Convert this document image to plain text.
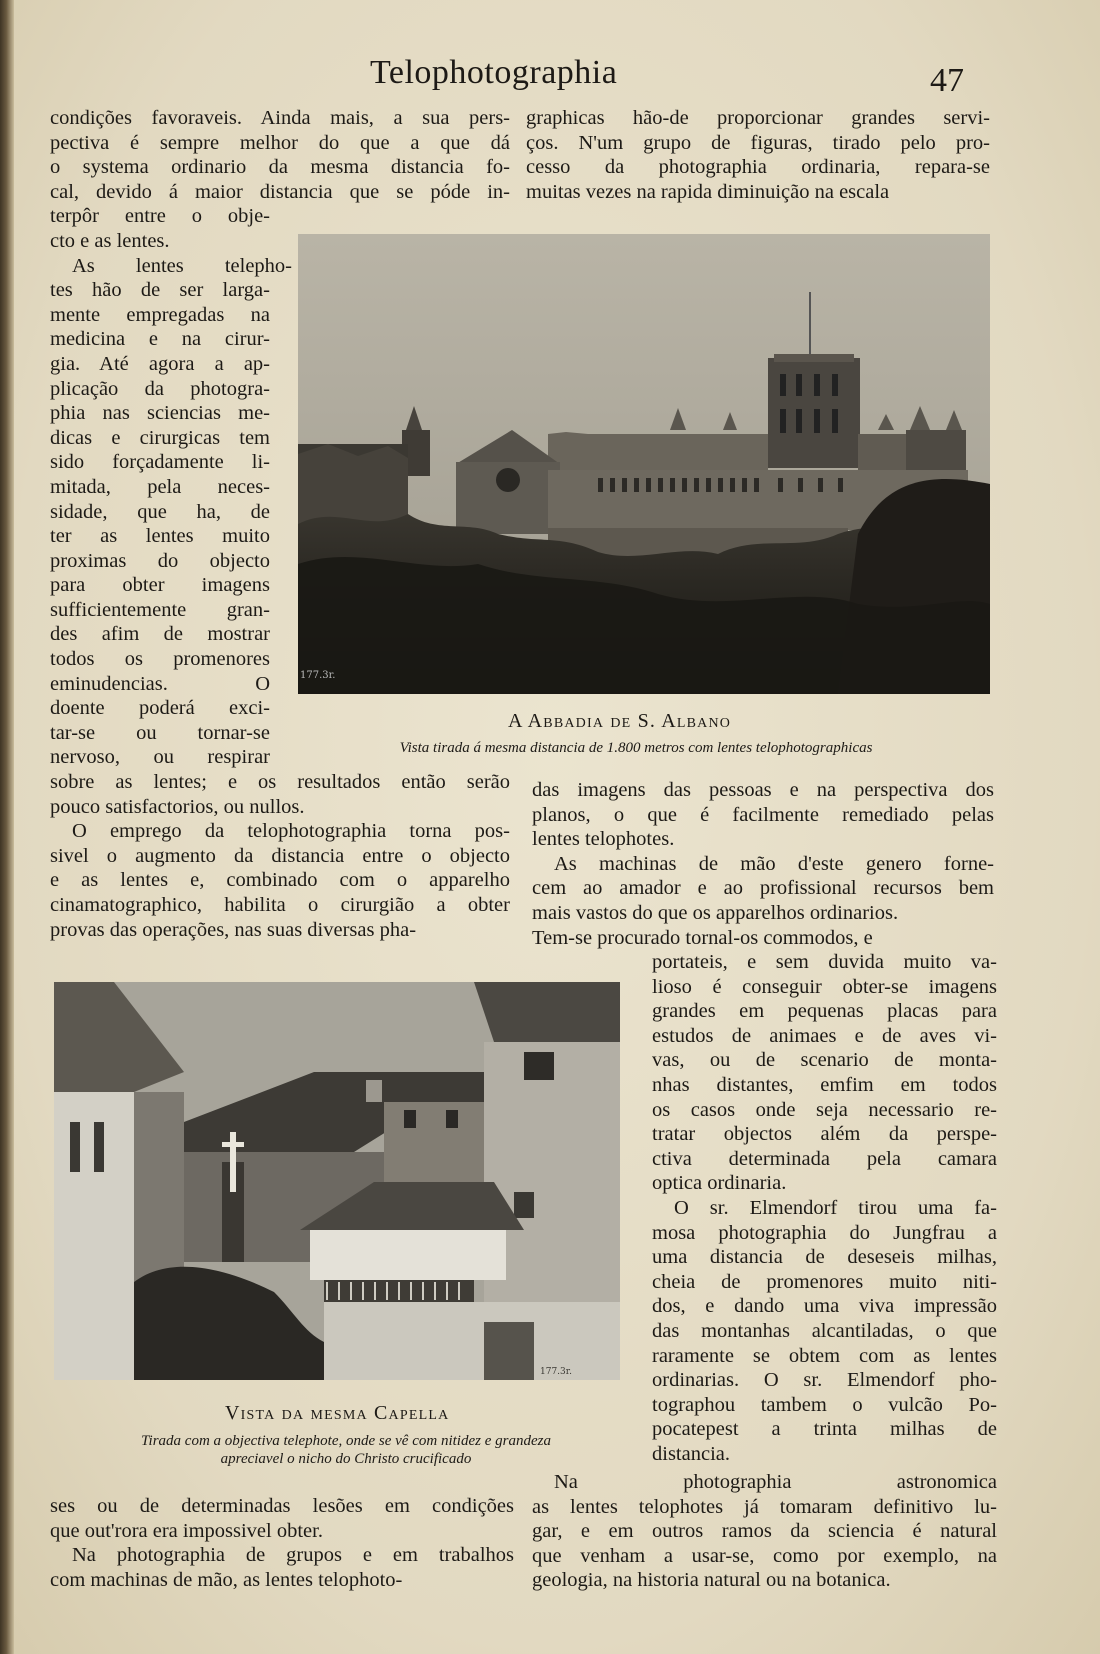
Telophotographia	47
condições favoraveis. Ainda mais, a sua pers-
pectiva é sempre melhor do que a que dá
o systema ordinario da mesma distancia fo-
cal, devido á maior distancia que se póde in-
terpôr entre o obje-
cto e as lentes.
As lentes telepho-
tes hão de ser larga-
mente empregadas na
medicina e na cirur-
gia. Até agora a ap-
plicação da photogra-
phia nas sciencias me-
dicas e cirurgicas tem
sido forçadamente li-
mitada, pela neces-
sidade, que ha, de
ter as lentes muito
proximas do objecto
para obter imagens
sufficientemente gran-
des afim de mostrar
todos os promenores
eminudencias. O
doente poderá exci-
tar-se ou tornar-se
nervoso, ou respirar
sobre as lentes; e os resultados então serão
pouco satisfactorios, ou nullos.
O emprego da telophotographia torna pos-
sivel o augmento da distancia entre o objecto
e as lentes e, combinado com o apparelho
cinamatographico, habilita o cirurgião a obter
provas das operações, nas suas diversas pha-
graphicas hão-de proporcionar grandes servi-
ços. N'um grupo de figuras, tirado pelo pro-
cesso da photographia ordinaria, repara-se
muitas vezes na rapida diminuição na escala
177.3r.
A Abbadia de S. Albano
Vista tirada á mesma distancia de 1.800 metros com lentes telophotographicas
das imagens das pessoas e na perspectiva dos
planos, o que é facilmente remediado pelas
lentes telophotes.
As machinas de mão d'este genero forne-
cem ao amador e ao profissional recursos bem
mais vastos do que os apparelhos ordinarios.
Tem-se procurado tornal-os commodos, e
177.3r.
Vista da mesma Capella
Tirada com a objectiva telephote, onde se vê com nitidez e grandeza
apreciavel o nicho do Christo crucificado
portateis, e sem duvida muito va-
lioso é conseguir obter-se imagens
grandes em pequenas placas para
estudos de animaes e de aves vi-
vas, ou de scenario de monta-
nhas distantes, emfim em todos
os casos onde seja necessario re-
tratar objectos além da perspe-
ctiva determinada pela camara
optica ordinaria.
O sr. Elmendorf tirou uma fa-
mosa photographia do Jungfrau a
uma distancia de deseseis milhas,
cheia de promenores muito niti-
dos, e dando uma viva impressão
das montanhas alcantiladas, o que
raramente se obtem com as lentes
ordinarias. O sr. Elmendorf pho-
tographou tambem o vulcão Po-
pocatepest a trinta milhas de
distancia.
ses ou de determinadas lesões em condições
que out'rora era impossivel obter.
Na photographia de grupos e em trabalhos
com machinas de mão, as lentes telophoto-
Na photographia astronomica
as lentes telophotes já tomaram definitivo lu-
gar, e em outros ramos da sciencia é natural
que venham a usar-se, como por exemplo, na
geologia, na historia natural ou na botanica.
